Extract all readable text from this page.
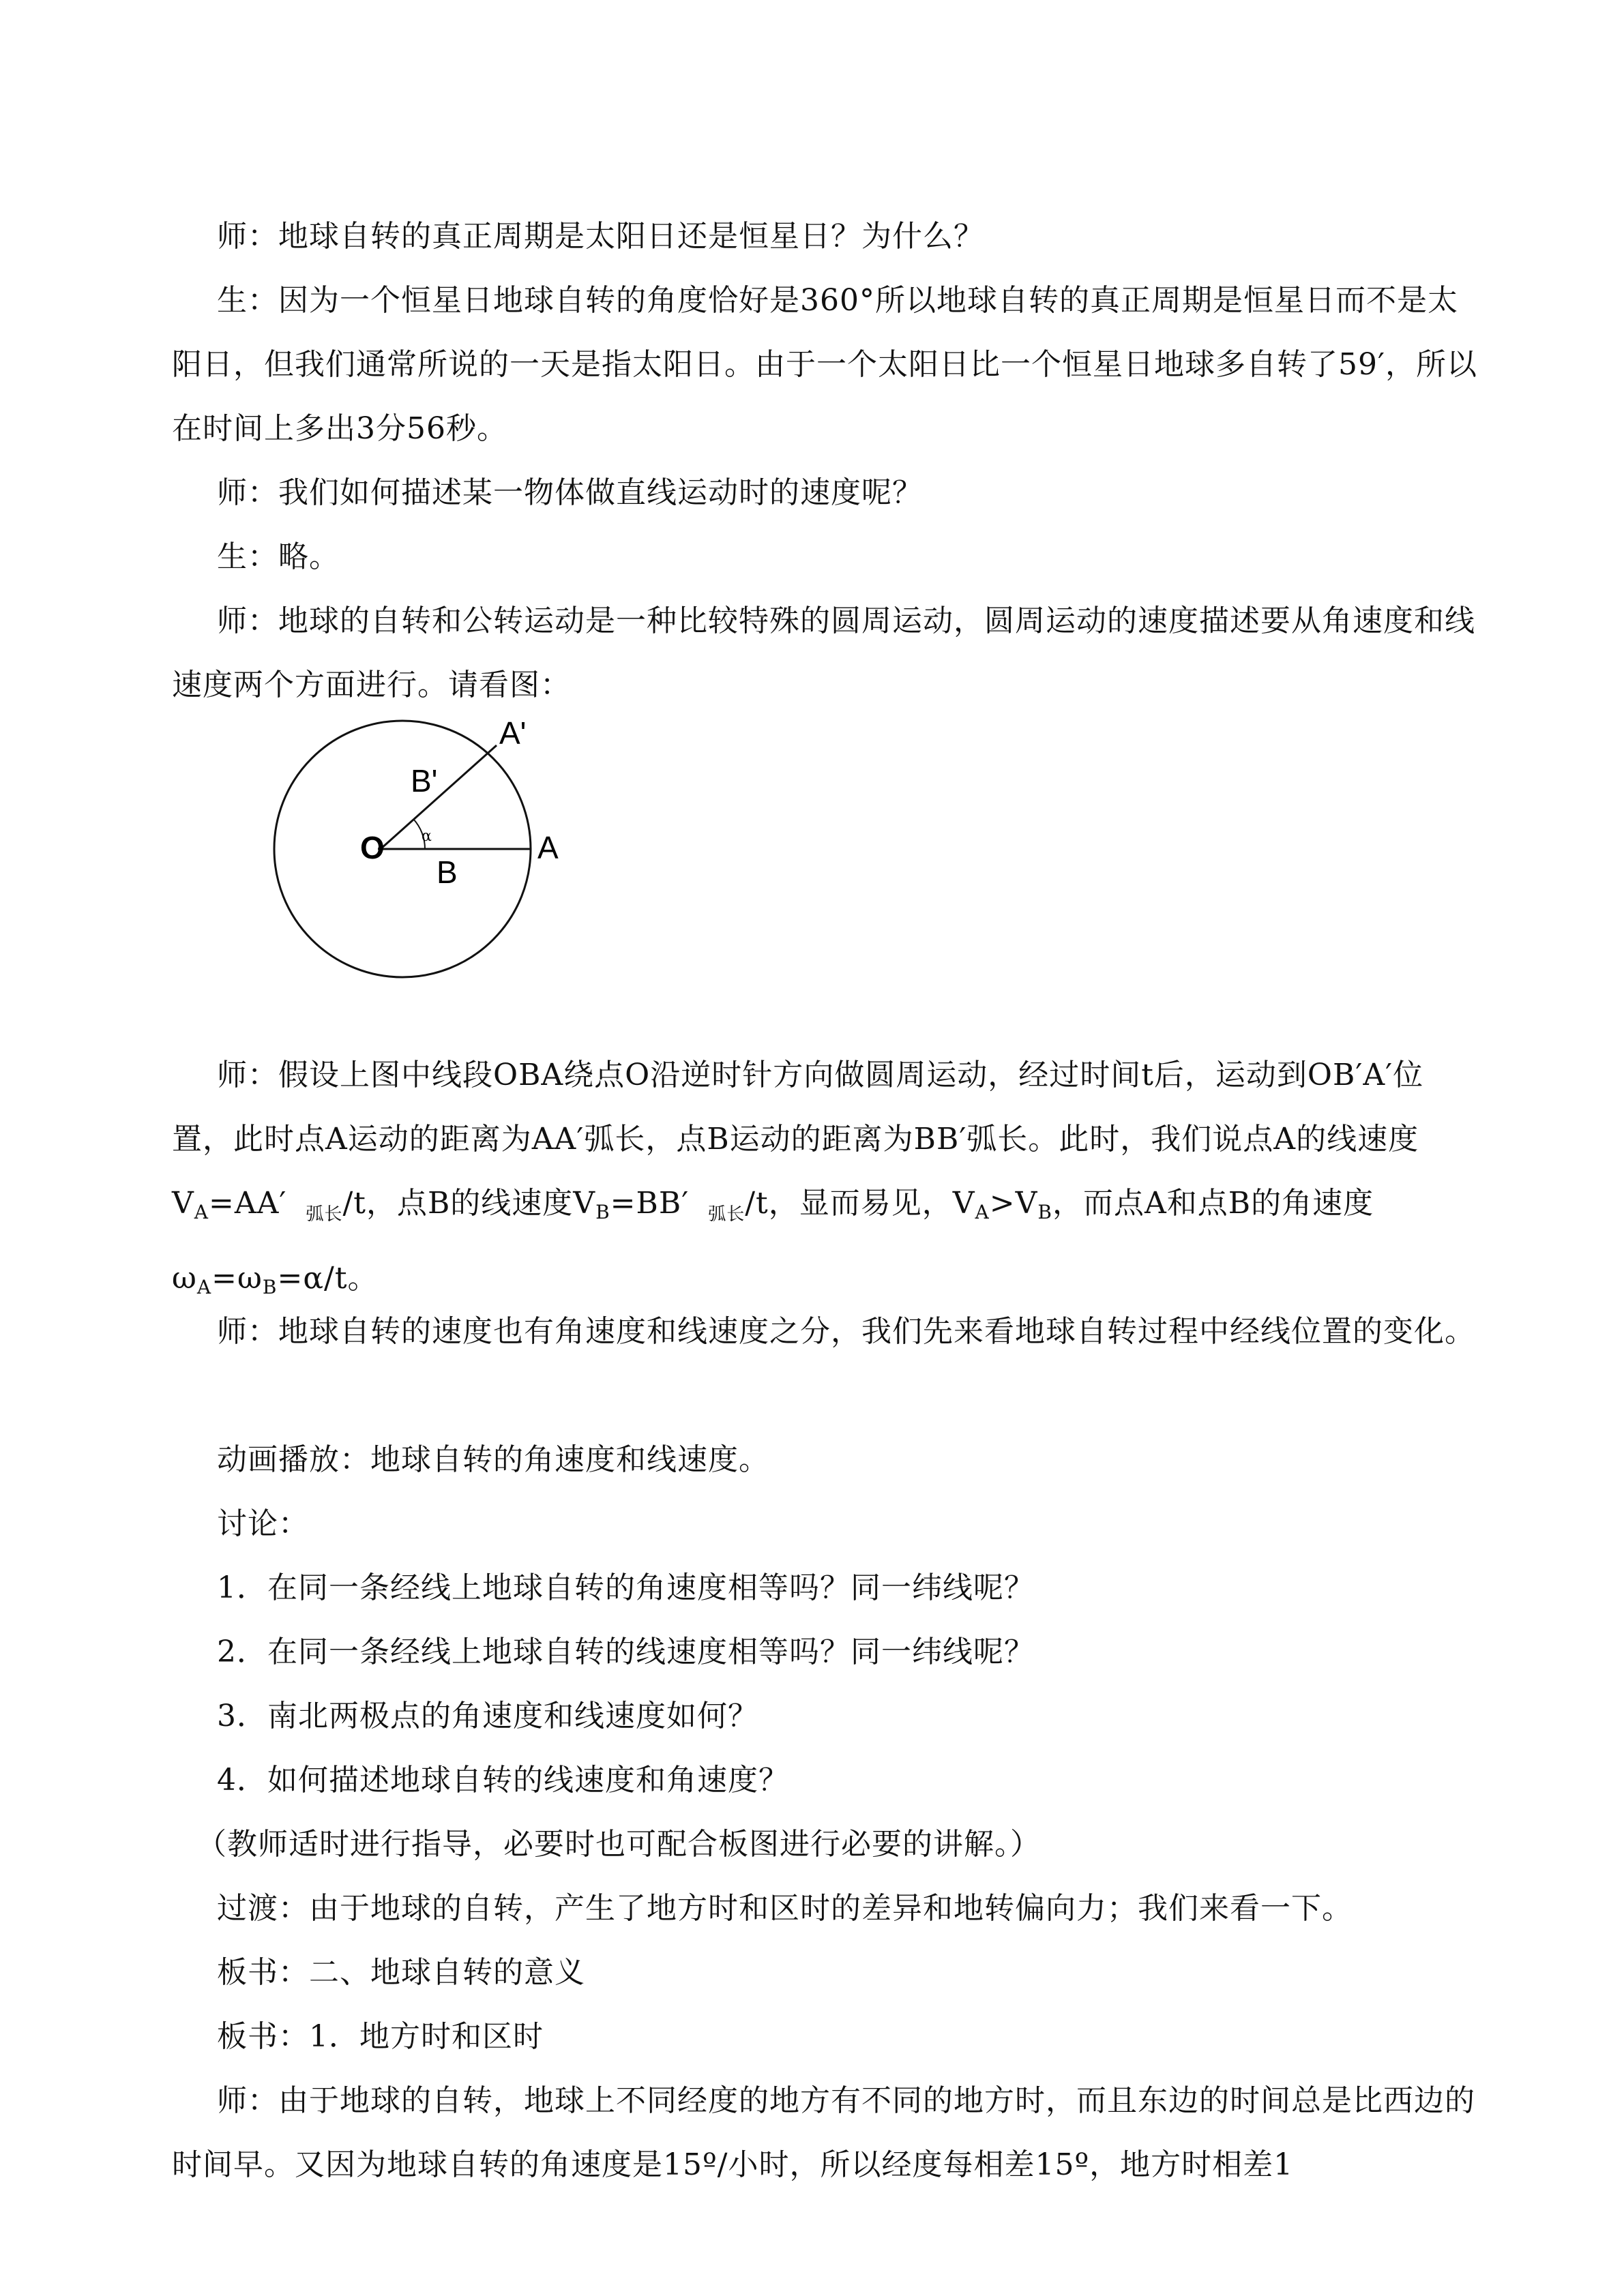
师：地球自转的真正周期是太阳日还是恒星日？为什么？

生：因为一个恒星日地球自转的角度恰好是360°所以地球自转的真正周期是恒星日而不是太阳日，但我们通常所说的一天是指太阳日。由于一个太阳日比一个恒星日地球多自转了59′，所以在时间上多出3分56秒。

师：我们如何描述某一物体做直线运动时的速度呢？

生：略。

师：地球的自转和公转运动是一种比较特殊的圆周运动，圆周运动的速度描述要从角速度和线速度两个方面进行。请看图：

O	A
B
A'
B'
α

师：假设上图中线段OBA绕点O沿逆时针方向做圆周运动，经过时间t后，运动到OB′A′位置，此时点A运动的距离为AA′弧长，点B运动的距离为BB′弧长。此时，我们说点A的线速度$V_A=AA'$ $_{弧长}$/t，点B的线速度$V_B=BB'$ $_{弧长}$/t，显而易见，$V_A>V_B$，而点A和点B的角速度$\omega_A=\omega_B=\alpha/t$。

师：地球自转的速度也有角速度和线速度之分，我们先来看地球自转过程中经线位置的变化。

动画播放：地球自转的角速度和线速度。

讨论：

1．在同一条经线上地球自转的角速度相等吗？同一纬线呢？

2．在同一条经线上地球自转的线速度相等吗？同一纬线呢？

3．南北两极点的角速度和线速度如何？

4．如何描述地球自转的线速度和角速度？

（教师适时进行指导，必要时也可配合板图进行必要的讲解。）

过渡：由于地球的自转，产生了地方时和区时的差异和地转偏向力；我们来看一下。

板书：二、地球自转的意义

板书：1．地方时和区时

师：由于地球的自转，地球上不同经度的地方有不同的地方时，而且东边的时间总是比西边的时间早。又因为地球自转的角速度是15º/小时，所以经度每相差15º，地方时相差1
